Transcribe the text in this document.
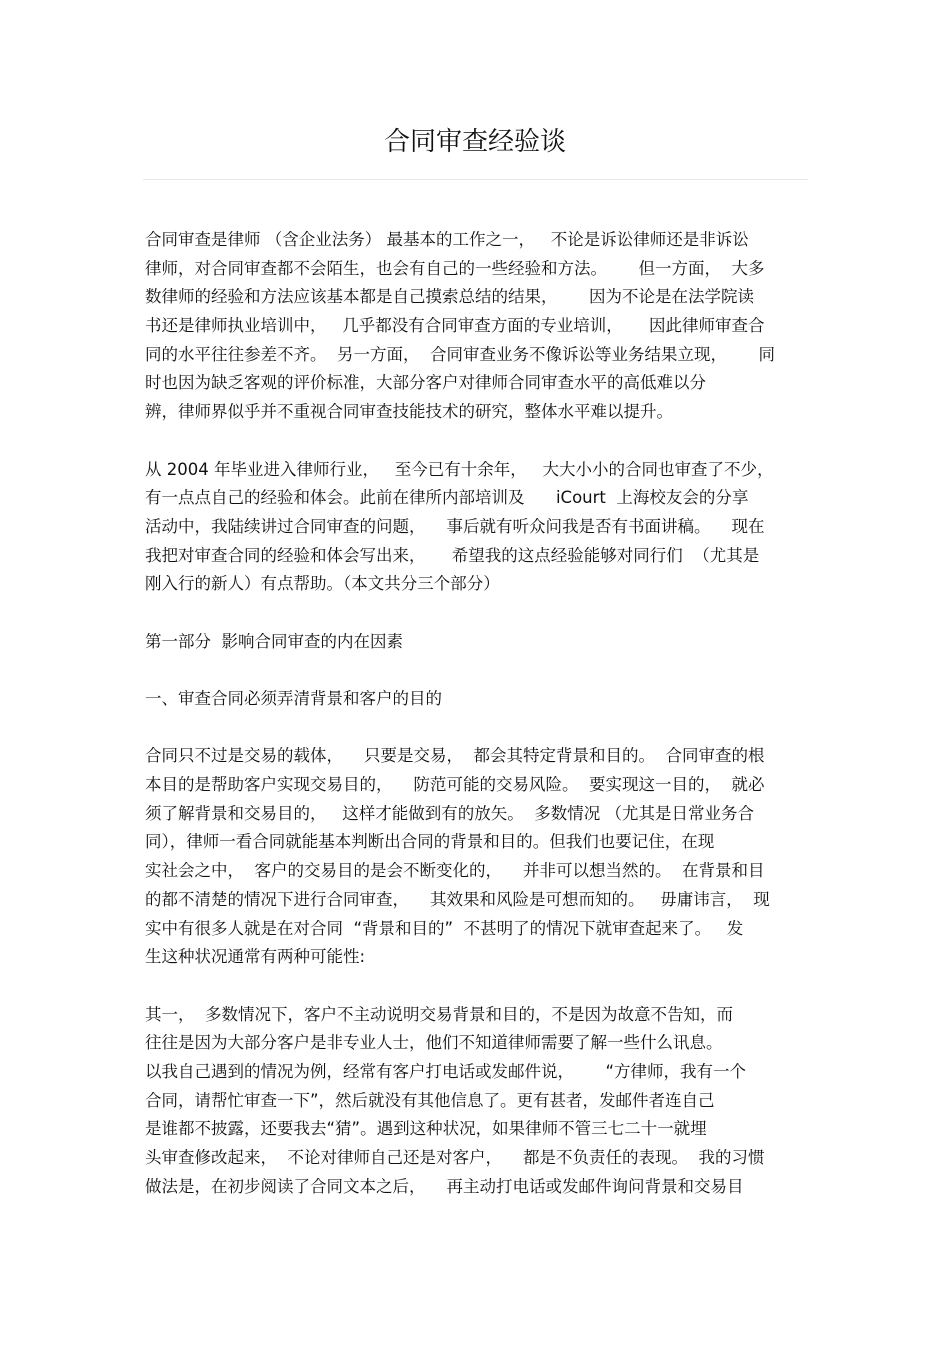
合同审查经验谈
合同审查是律师 （含企业法务） 最基本的工作之一，   不论是诉讼律师还是非诉讼
律师，对合同审查都不会陌生，也会有自己的一些经验和方法。      但一方面，  大多
数律师的经验和方法应该基本都是自己摸索总结的结果，      因为不论是在法学院读
书还是律师执业培训中，   几乎都没有合同审查方面的专业培训，     因此律师审查合
同的水平往往参差不齐。  另一方面，  合同审查业务不像诉讼等业务结果立现，      同
时也因为缺乏客观的评价标准，大部分客户对律师合同审查水平的高低难以分
辨，律师界似乎并不重视合同审查技能技术的研究，整体水平难以提升。
从 2004 年毕业进入律师行业，   至今已有十余年，   大大小小的合同也审查了不少，
有一点点自己的经验和体会。此前在律所内部培训及      iCourt  上海校友会的分享
活动中，我陆续讲过合同审查的问题，    事后就有听众问我是否有书面讲稿。    现在
我把对审查合同的经验和体会写出来，     希望我的这点经验能够对同行们  （尤其是
刚入行的新人）有点帮助。（本文共分三个部分）
第一部分  影响合同审查的内在因素
一、审查合同必须弄清背景和客户的目的
合同只不过是交易的载体，    只要是交易，  都会其特定背景和目的。  合同审查的根
本目的是帮助客户实现交易目的，    防范可能的交易风险。  要实现这一目的，  就必
须了解背景和交易目的，   这样才能做到有的放矢。  多数情况 （尤其是日常业务合
同），律师一看合同就能基本判断出合同的背景和目的。但我们也要记住，在现
实社会之中，  客户的交易目的是会不断变化的，    并非可以想当然的。  在背景和目
的都不清楚的情况下进行合同审查，    其效果和风险是可想而知的。   毋庸讳言，  现
实中有很多人就是在对合同  “背景和目的”  不甚明了的情况下就审查起来了。   发
生这种状况通常有两种可能性:
其一，  多数情况下，客户不主动说明交易背景和目的，不是因为故意不告知，而
往往是因为大部分客户是非专业人士，他们不知道律师需要了解一些什么讯息。
以我自己遇到的情况为例，经常有客户打电话或发邮件说，      “方律师，我有一个
合同，请帮忙审查一下”，然后就没有其他信息了。更有甚者，发邮件者连自己
是谁都不披露，还要我去“猜”。遇到这种状况，如果律师不管三七二十一就埋
头审查修改起来，  不论对律师自己还是对客户，    都是不负责任的表现。  我的习惯
做法是，在初步阅读了合同文本之后，    再主动打电话或发邮件询问背景和交易目
